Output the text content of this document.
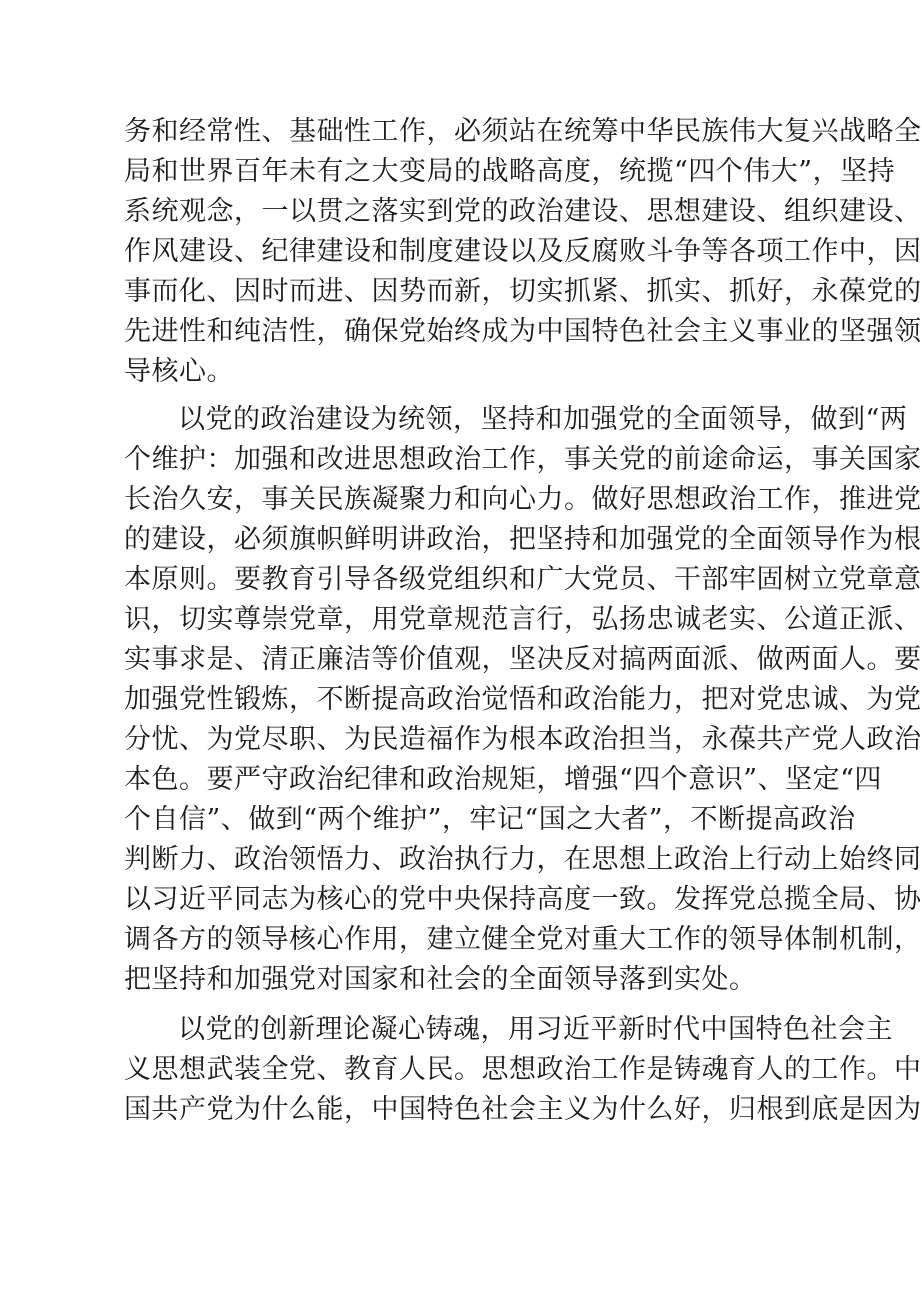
务和经常性、基础性工作，必须站在统筹中华民族伟大复兴战略全
局和世界百年未有之大变局的战略高度，统揽“四个伟大”，坚持
系统观念，一以贯之落实到党的政治建设、思想建设、组织建设、
作风建设、纪律建设和制度建设以及反腐败斗争等各项工作中，因
事而化、因时而进、因势而新，切实抓紧、抓实、抓好，永葆党的
先进性和纯洁性，确保党始终成为中国特色社会主义事业的坚强领
导核心。
以党的政治建设为统领，坚持和加强党的全面领导，做到“两
个维护：加强和改进思想政治工作，事关党的前途命运，事关国家
长治久安，事关民族凝聚力和向心力。做好思想政治工作，推进党
的建设，必须旗帜鲜明讲政治，把坚持和加强党的全面领导作为根
本原则。要教育引导各级党组织和广大党员、干部牢固树立党章意
识，切实尊崇党章，用党章规范言行，弘扬忠诚老实、公道正派、
实事求是、清正廉洁等价值观，坚决反对搞两面派、做两面人。要
加强党性锻炼，不断提高政治觉悟和政治能力，把对党忠诚、为党
分忧、为党尽职、为民造福作为根本政治担当，永葆共产党人政治
本色。要严守政治纪律和政治规矩，增强“四个意识”、坚定“四
个自信”、做到“两个维护”，牢记“国之大者”，不断提高政治
判断力、政治领悟力、政治执行力，在思想上政治上行动上始终同
以习近平同志为核心的党中央保持高度一致。发挥党总揽全局、协
调各方的领导核心作用，建立健全党对重大工作的领导体制机制，
把坚持和加强党对国家和社会的全面领导落到实处。
以党的创新理论凝心铸魂，用习近平新时代中国特色社会主
义思想武装全党、教育人民。思想政治工作是铸魂育人的工作。中
国共产党为什么能，中国特色社会主义为什么好，归根到底是因为
